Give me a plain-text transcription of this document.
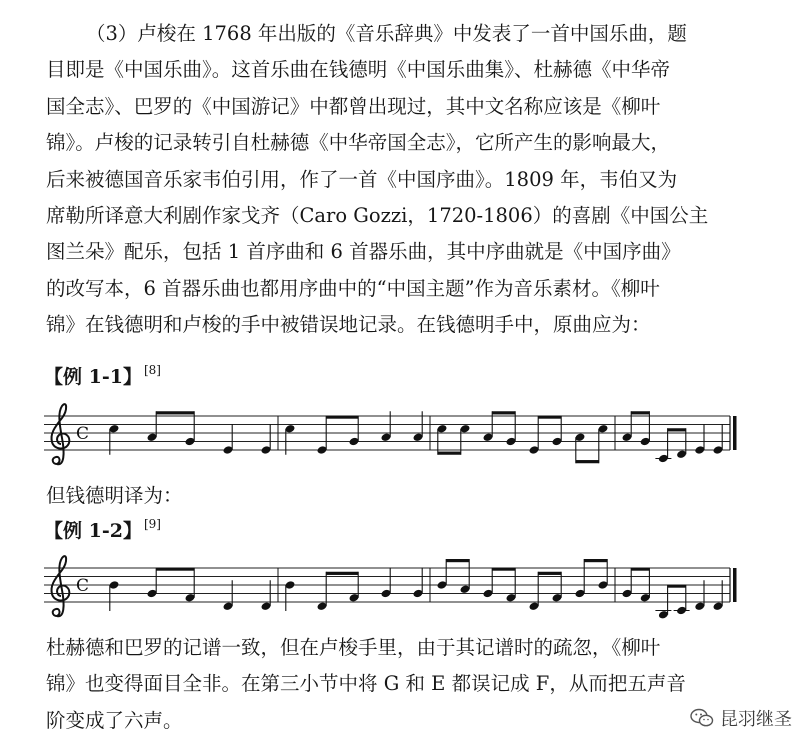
（3）卢梭在 1768 年出版的《音乐辞典》中发表了一首中国乐曲，题
目即是《中国乐曲》。这首乐曲在钱德明《中国乐曲集》、杜赫德《中华帝
国全志》、巴罗的《中国游记》中都曾出现过，其中文名称应该是《柳叶
锦》。卢梭的记录转引自杜赫德《中华帝国全志》，它所产生的影响最大，
后来被德国音乐家韦伯引用，作了一首《中国序曲》。1809 年，韦伯又为
席勒所译意大利剧作家戈齐（Caro Gozzi，1720-1806）的喜剧《中国公主
图兰朵》配乐，包括 1 首序曲和 6 首器乐曲，其中序曲就是《中国序曲》
的改写本，6 首器乐曲也都用序曲中的“中国主题”作为音乐素材。《柳叶
锦》在钱德明和卢梭的手中被错误地记录。在钱德明手中，原曲应为：
【例 1-1】 [8]
C
但钱德明译为：
【例 1-2】 [9]
C
杜赫德和巴罗的记谱一致，但在卢梭手里，由于其记谱时的疏忽，《柳叶
锦》也变得面目全非。在第三小节中将 G 和 E 都误记成 F，从而把五声音
阶变成了六声。	昆羽继圣
